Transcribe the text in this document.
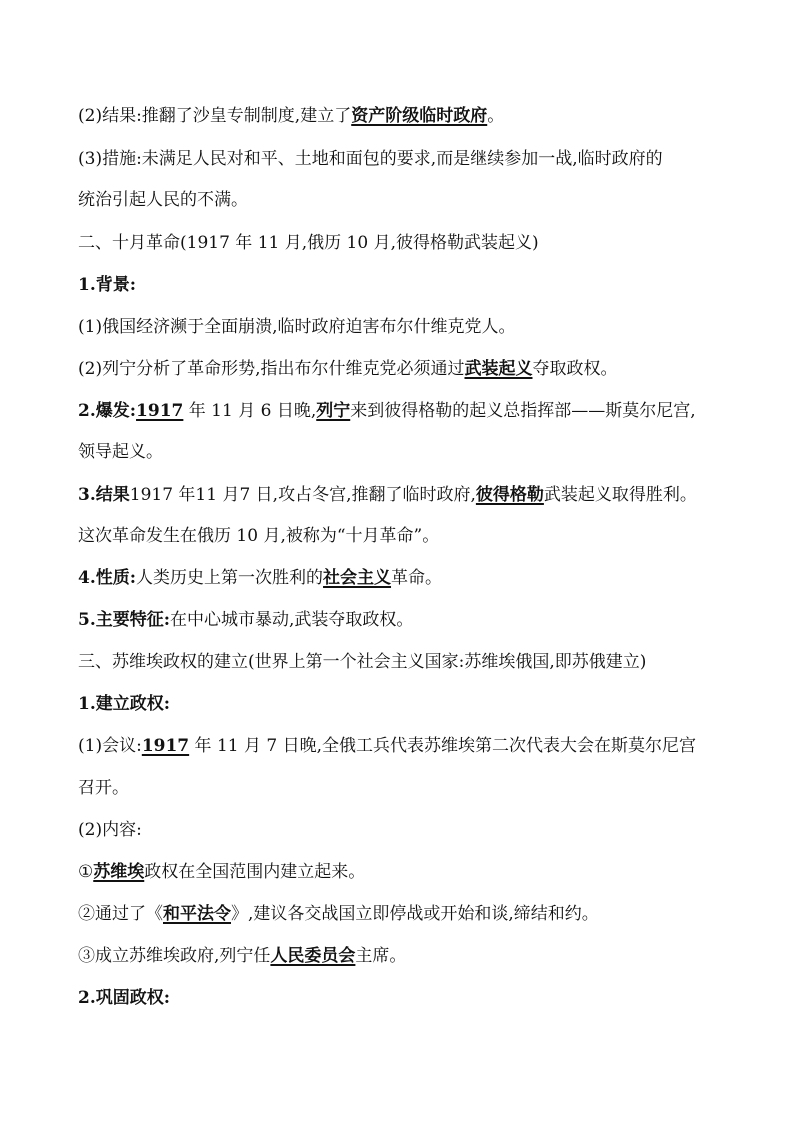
(2)结果:推翻了沙皇专制制度,建立了资产阶级临时政府。
(3)措施:未满足人民对和平、土地和面包的要求,而是继续参加一战,临时政府的
统治引起人民的不满。
二、十月革命(1917 年 11 月,俄历 10 月,彼得格勒武装起义)
1.背景:
(1)俄国经济濒于全面崩溃,临时政府迫害布尔什维克党人。
(2)列宁分析了革命形势,指出布尔什维克党必须通过武装起义夺取政权。
2.爆发:1917 年 11 月 6 日晚,列宁来到彼得格勒的起义总指挥部——斯莫尔尼宫,
领导起义。
3.结果1917 年11 月7 日,攻占冬宫,推翻了临时政府,彼得格勒武装起义取得胜利。
这次革命发生在俄历 10 月,被称为“十月革命”。
4.性质:人类历史上第一次胜利的社会主义革命。
5.主要特征:在中心城市暴动,武装夺取政权。
三、苏维埃政权的建立(世界上第一个社会主义国家:苏维埃俄国,即苏俄建立)
1.建立政权:
(1)会议:1917 年 11 月 7 日晚,全俄工兵代表苏维埃第二次代表大会在斯莫尔尼宫
召开。
(2)内容:
①苏维埃政权在全国范围内建立起来。
②通过了《和平法令》,建议各交战国立即停战或开始和谈,缔结和约。
③成立苏维埃政府,列宁任人民委员会主席。
2.巩固政权:
